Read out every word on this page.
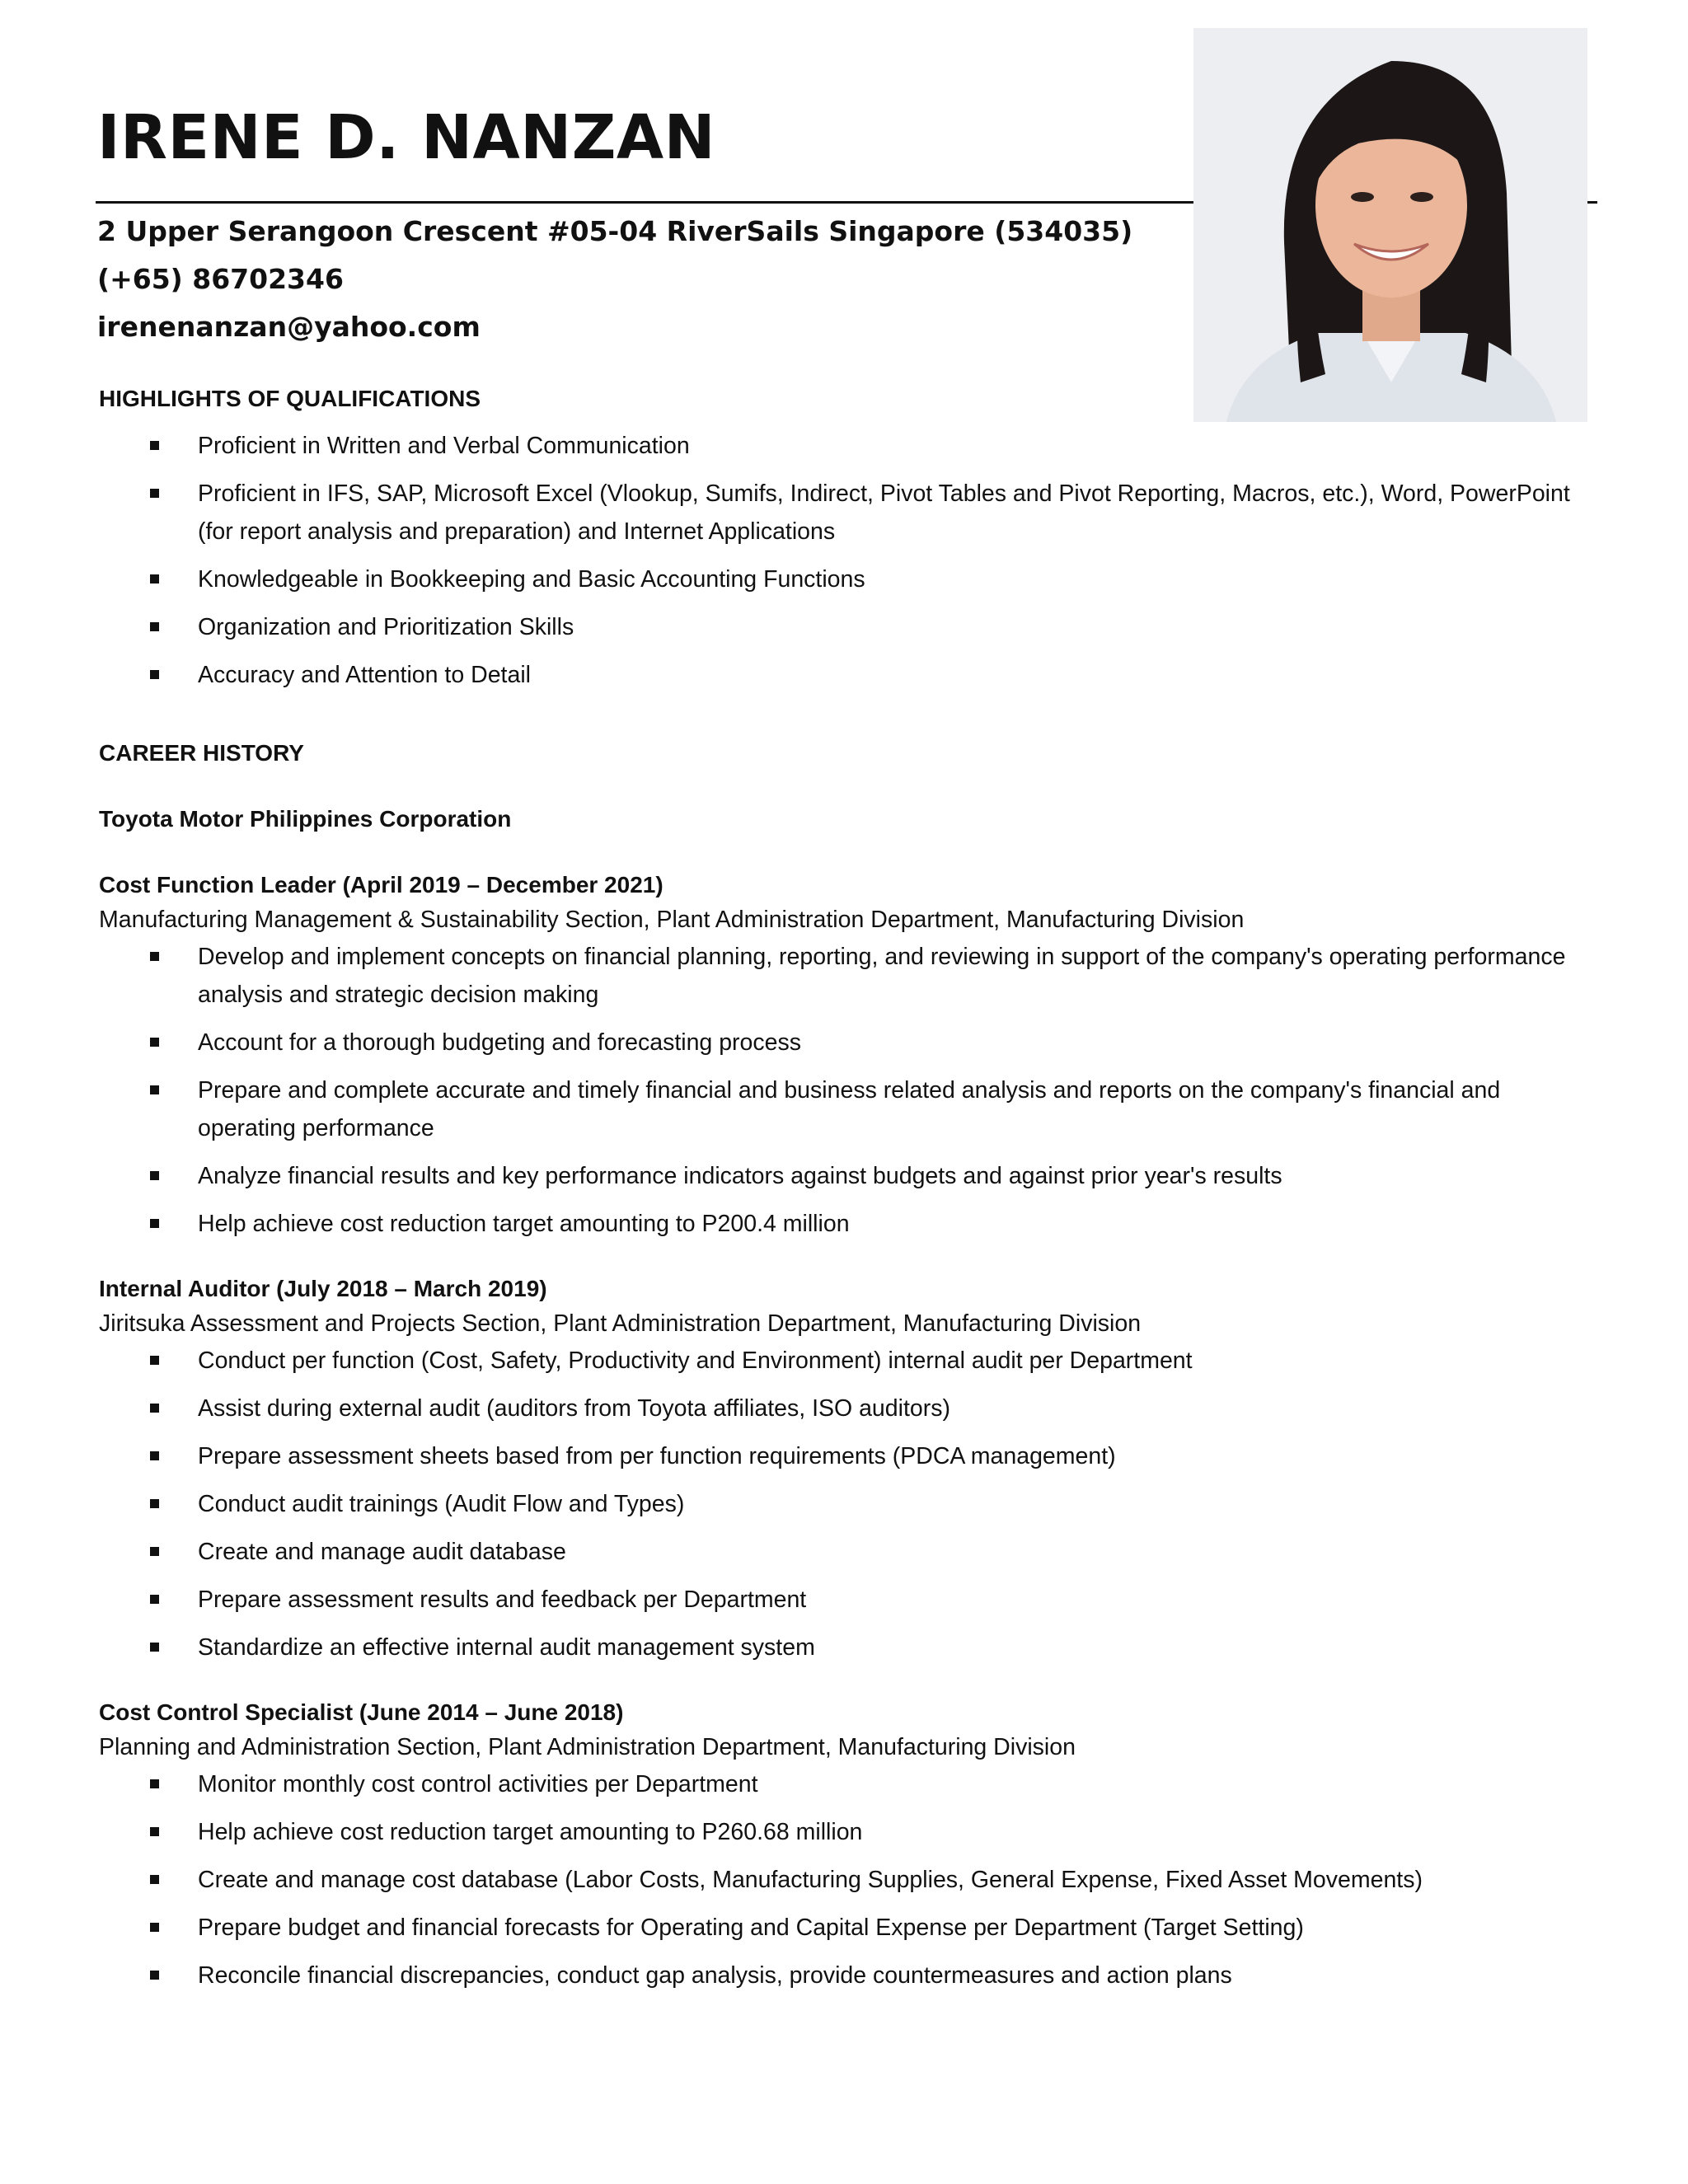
IRENE D. NANZAN
2 Upper Serangoon Crescent #05-04 RiverSails Singapore (534035)
(+65) 86702346
irenenanzan@yahoo.com
HIGHLIGHTS OF QUALIFICATIONS
Proficient in Written and Verbal Communication
Proficient in IFS, SAP, Microsoft Excel (Vlookup, Sumifs, Indirect, Pivot Tables and Pivot Reporting, Macros, etc.), Word, PowerPoint (for report analysis and preparation) and Internet Applications
Knowledgeable in Bookkeeping and Basic Accounting Functions
Organization and Prioritization Skills
Accuracy and Attention to Detail
CAREER HISTORY
Toyota Motor Philippines Corporation
Cost Function Leader (April 2019 – December 2021)
Manufacturing Management & Sustainability Section, Plant Administration Department, Manufacturing Division
Develop and implement concepts on financial planning, reporting, and reviewing in support of the company's operating performance analysis and strategic decision making
Account for a thorough budgeting and forecasting process
Prepare and complete accurate and timely financial and business related analysis and reports on the company's financial and operating performance
Analyze financial results and key performance indicators against budgets and against prior year's results
Help achieve cost reduction target amounting to P200.4 million
Internal Auditor (July 2018 – March 2019)
Jiritsuka Assessment and Projects Section, Plant Administration Department, Manufacturing Division
Conduct per function (Cost, Safety, Productivity and Environment) internal audit per Department
Assist during external audit (auditors from Toyota affiliates, ISO auditors)
Prepare assessment sheets based from per function requirements (PDCA management)
Conduct audit trainings (Audit Flow and Types)
Create and manage audit database
Prepare assessment results and feedback per Department
Standardize an effective internal audit management system
Cost Control Specialist (June 2014 – June 2018)
Planning and Administration Section, Plant Administration Department, Manufacturing Division
Monitor monthly cost control activities per Department
Help achieve cost reduction target amounting to P260.68 million
Create and manage cost database (Labor Costs, Manufacturing Supplies, General Expense, Fixed Asset Movements)
Prepare budget and financial forecasts for Operating and Capital Expense per Department (Target Setting)
Reconcile financial discrepancies, conduct gap analysis, provide countermeasures and action plans
